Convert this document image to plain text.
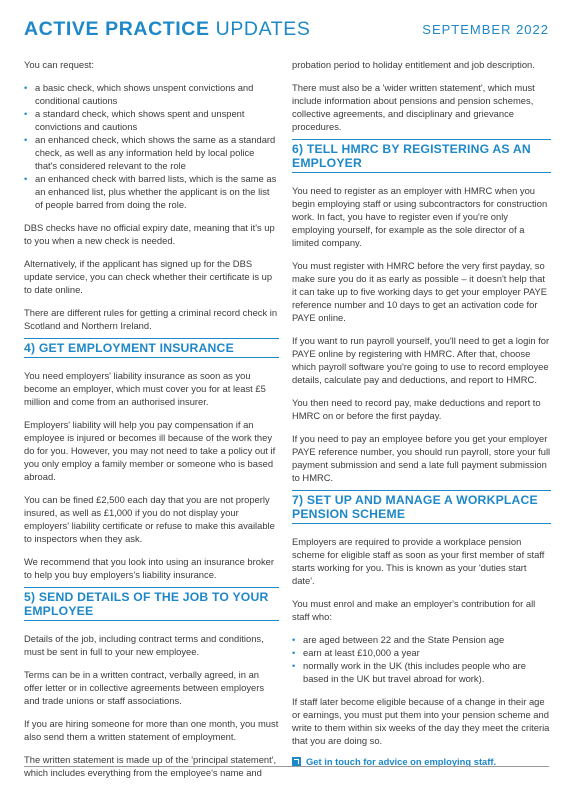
ACTIVE PRACTICE UPDATES	SEPTEMBER 2022

You can request:

• a basic check, which shows unspent convictions and conditional cautions
• a standard check, which shows spent and unspent convictions and cautions
• an enhanced check, which shows the same as a standard check, as well as any information held by local police that's considered relevant to the role
• an enhanced check with barred lists, which is the same as an enhanced list, plus whether the applicant is on the list of people barred from doing the role.

DBS checks have no official expiry date, meaning that it's up to you when a new check is needed.

Alternatively, if the applicant has signed up for the DBS update service, you can check whether their certificate is up to date online.

There are different rules for getting a criminal record check in Scotland and Northern Ireland.

4) GET EMPLOYMENT INSURANCE

You need employers' liability insurance as soon as you become an employer, which must cover you for at least £5 million and come from an authorised insurer.

Employers' liability will help you pay compensation if an employee is injured or becomes ill because of the work they do for you. However, you may not need to take a policy out if you only employ a family member or someone who is based abroad.

You can be fined £2,500 each day that you are not properly insured, as well as £1,000 if you do not display your employers' liability certificate or refuse to make this available to inspectors when they ask.

We recommend that you look into using an insurance broker to help you buy employers's liability insurance.

5) SEND DETAILS OF THE JOB TO YOUR EMPLOYEE

Details of the job, including contract terms and conditions, must be sent in full to your new employee.

Terms can be in a written contract, verbally agreed, in an offer letter or in collective agreements between employers and trade unions or staff associations.

If you are hiring someone for more than one month, you must also send them a written statement of employment.

The written statement is made up of the 'principal statement', which includes everything from the employee's name and

probation period to holiday entitlement and job description.

There must also be a 'wider written statement', which must include information about pensions and pension schemes, collective agreements, and disciplinary and grievance procedures.

6) TELL HMRC BY REGISTERING AS AN EMPLOYER

You need to register as an employer with HMRC when you begin employing staff or using subcontractors for construction work. In fact, you have to register even if you're only employing yourself, for example as the sole director of a limited company.

You must register with HMRC before the very first payday, so make sure you do it as early as possible – it doesn't help that it can take up to five working days to get your employer PAYE reference number and 10 days to get an activation code for PAYE online.

If you want to run payroll yourself, you'll need to get a login for PAYE online by registering with HMRC. After that, choose which payroll software you're going to use to record employee details, calculate pay and deductions, and report to HMRC.

You then need to record pay, make deductions and report to HMRC on or before the first payday.

If you need to pay an employee before you get your employer PAYE reference number, you should run payroll, store your full payment submission and send a late full payment submission to HMRC.

7) SET UP AND MANAGE A WORKPLACE PENSION SCHEME

Employers are required to provide a workplace pension scheme for eligible staff as soon as your first member of staff starts working for you. This is known as your 'duties start date'.

You must enrol and make an employer's contribution for all staff who:

• are aged between 22 and the State Pension age
• earn at least £10,000 a year
• normally work in the UK (this includes people who are based in the UK but travel abroad for work).

If staff later become eligible because of a change in their age or earnings, you must put them into your pension scheme and write to them within six weeks of the day they meet the criteria that you are doing so.

Get in touch for advice on employing staff.
